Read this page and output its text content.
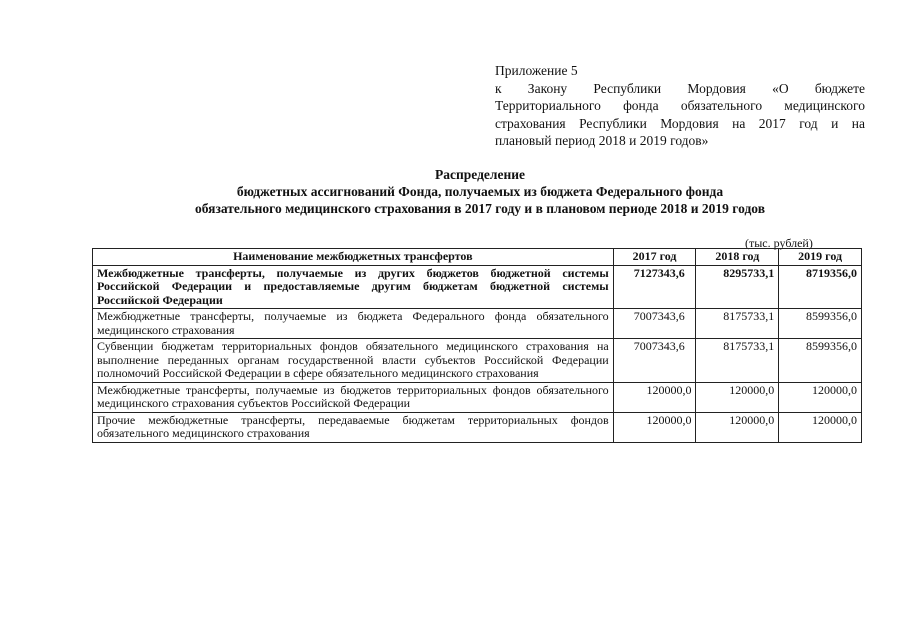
Приложение 5
к Закону Республики Мордовия «О бюджете
Территориального фонда обязательного медицинского
страхования Республики Мордовия на 2017 год и на
плановый период 2018 и 2019 годов»
Распределение
бюджетных ассигнований Фонда, получаемых из бюджета Федерального фонда
обязательного медицинского страхования в 2017 году и в плановом периоде 2018 и 2019 годов
(тыс. рублей)
Наименование межбюджетных трансфертов	2017 год	2018 год	2019 год
Межбюджетные трансферты, получаемые из других бюджетов бюджетной системы Российской Федерации и предоставляемые другим бюджетам бюджетной системы Российской Федерации	7127343,6	8295733,1	8719356,0
Межбюджетные трансферты, получаемые из бюджета Федерального фонда обязательного медицинского страхования	7007343,6	8175733,1	8599356,0
Субвенции бюджетам территориальных фондов обязательного медицинского страхования на выполнение переданных органам государственной власти субъектов Российской Федерации полномочий Российской Федерации в сфере обязательного медицинского страхования	7007343,6	8175733,1	8599356,0
Межбюджетные трансферты, получаемые из бюджетов территориальных фондов обязательного медицинского страхования субъектов Российской Федерации	120000,0	120000,0	120000,0
Прочие межбюджетные трансферты, передаваемые бюджетам территориальных фондов обязательного медицинского страхования	120000,0	120000,0	120000,0
